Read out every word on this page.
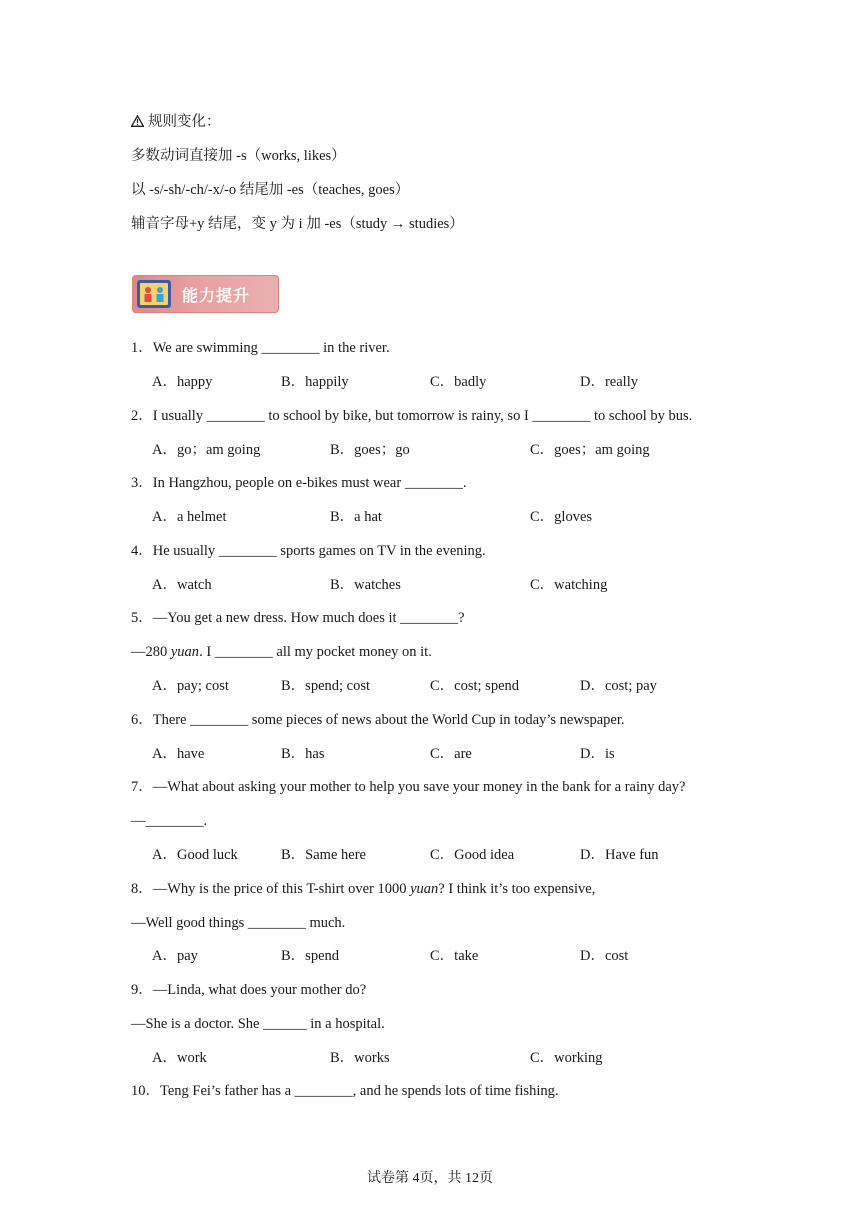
规则变化：
多数动词直接加 -s（works, likes）
以 -s/-sh/-ch/-x/-o 结尾加 -es（teaches, goes）
辅音字母+y 结尾，变 y 为 i 加 -es（study → studies）
能力提升
1．We are swimming ________ in the river.
A．happy	B．happily	C．badly	D．really
2．I usually ________ to school by bike, but tomorrow is rainy, so I ________ to school by bus.
A．go；am going	B．goes；go	C．goes；am going
3．In Hangzhou, people on e-bikes must wear ________.
A．a helmet	B．a hat	C．gloves
4．He usually ________ sports games on TV in the evening.
A．watch	B．watches	C．watching
5．—You get a new dress. How much does it ________?
—280 yuan. I ________ all my pocket money on it.
A．pay; cost	B．spend; cost	C．cost; spend	D．cost; pay
6．There ________ some pieces of news about the World Cup in today’s newspaper.
A．have	B．has	C．are	D．is
7．—What about asking your mother to help you save your money in the bank for a rainy day?
—________.
A．Good luck	B．Same here	C．Good idea	D．Have fun
8．—Why is the price of this T-shirt over 1000 yuan? I think it’s too expensive,
—Well good things ________ much.
A．pay	B．spend	C．take	D．cost
9．—Linda, what does your mother do?
—She is a doctor. She ______ in a hospital.
A．work	B．works	C．working
10．Teng Fei’s father has a ________, and he spends lots of time fishing.
试卷第 4页，共 12页
